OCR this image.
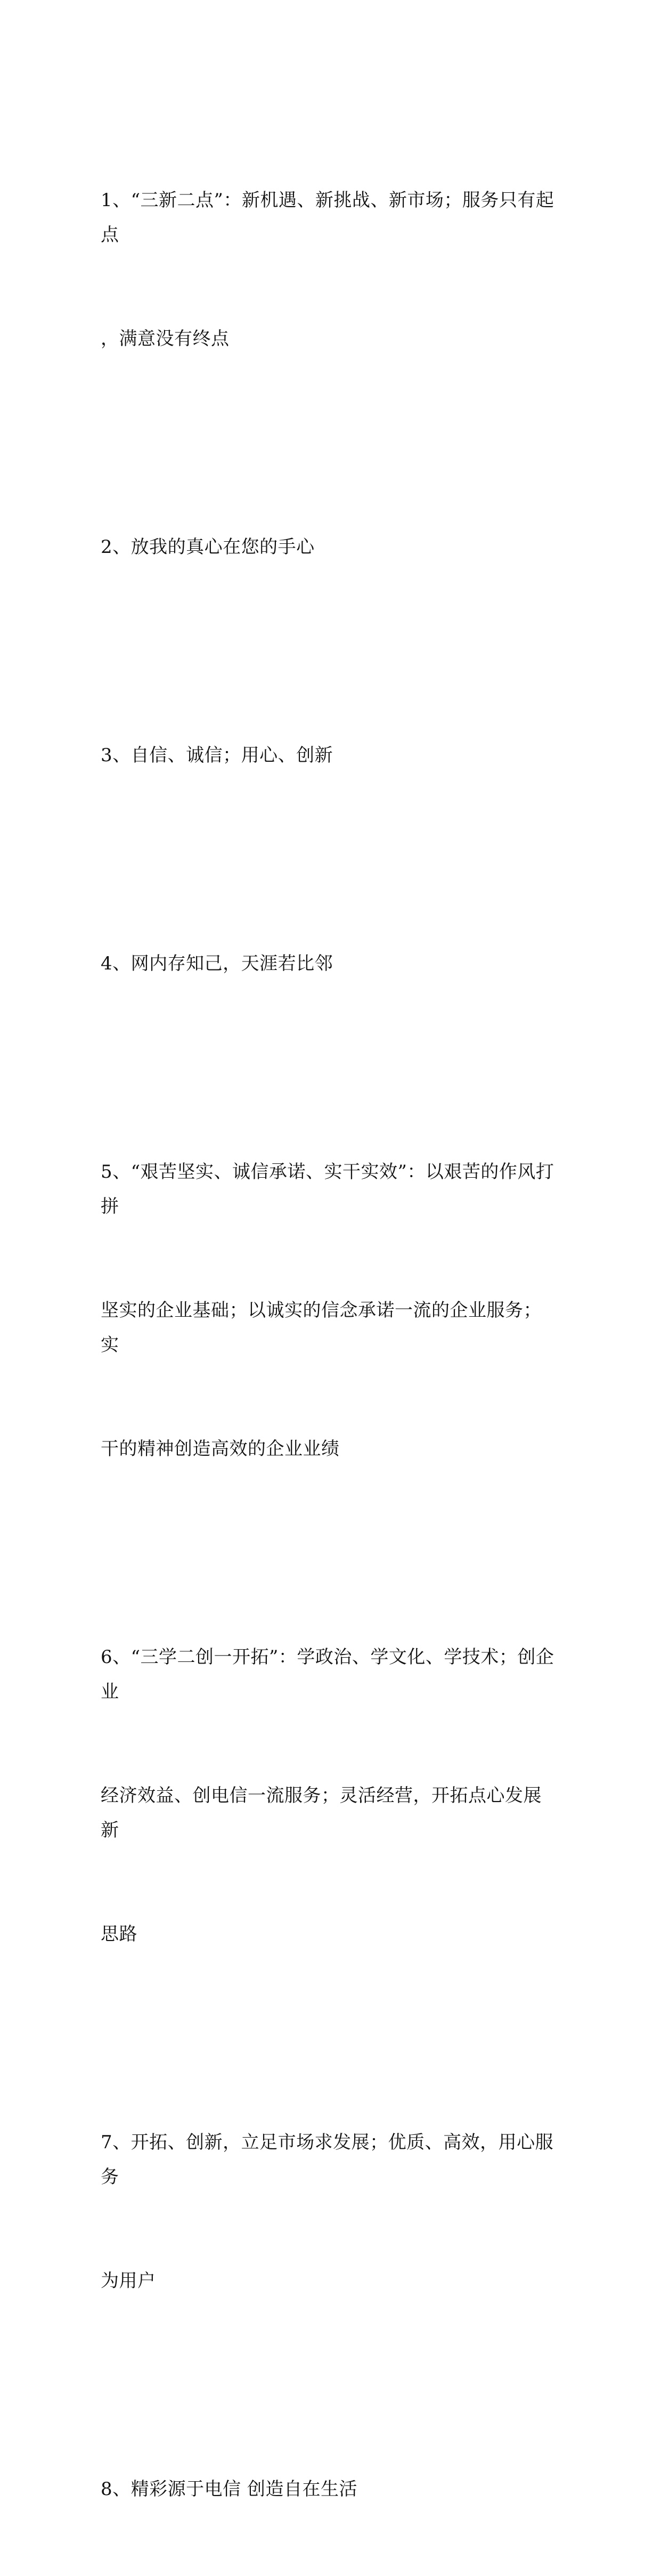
1、“三新二点”：新机遇、新挑战、新市场；服务只有起点

，满意没有终点

2、放我的真心在您的手心

3、自信、诚信；用心、创新

4、网内存知己，天涯若比邻

5、“艰苦坚实、诚信承诺、实干实效”：以艰苦的作风打拼

坚实的企业基础；以诚实的信念承诺一流的企业服务；实

干的精神创造高效的企业业绩

6、“三学二创一开拓”：学政治、学文化、学技术；创企业

经济效益、创电信一流服务；灵活经营，开拓点心发展新

思路

7、开拓、创新，立足市场求发展；优质、高效，用心服务

为用户

8、精彩源于电信 创造自在生活
